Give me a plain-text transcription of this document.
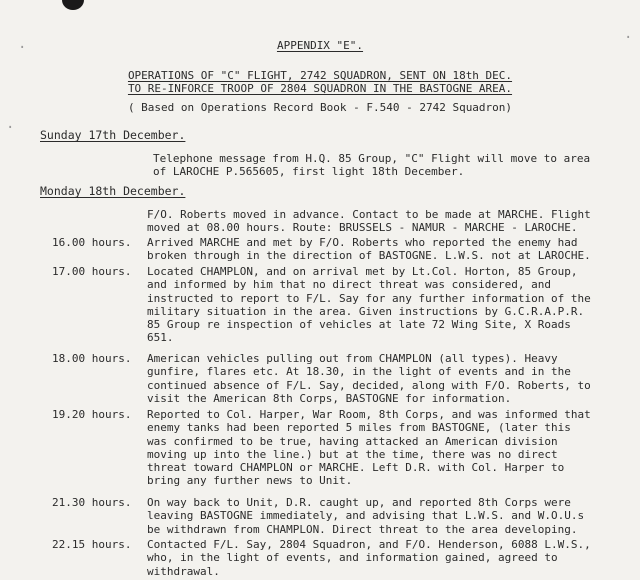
·
·
·
APPENDIX "E".
OPERATIONS OF "C" FLIGHT, 2742 SQUADRON, SENT ON 18th DEC.
TO RE-INFORCE TROOP OF 2804 SQUADRON IN THE BASTOGNE AREA.
( Based on Operations Record Book - F.540 - 2742 Squadron)
Sunday 17th December.
Telephone message from H.Q. 85 Group, "C" Flight will move to area
of LAROCHE P.565605, first light 18th December.
Monday 18th December.
F/O. Roberts moved in advance. Contact to be made at MARCHE. Flight
moved at 08.00 hours. Route: BRUSSELS - NAMUR - MARCHE - LAROCHE.
16.00 hours.	Arrived MARCHE and met by F/O. Roberts who reported the enemy had
broken through in the direction of BASTOGNE. L.W.S. not at LAROCHE.
17.00 hours.	Located CHAMPLON, and on arrival met by Lt.Col. Horton, 85 Group,
and informed by him that no direct threat was considered, and
instructed to report to F/L. Say for any further information of the
military situation in the area. Given instructions by G.C.R.A.P.R.
85 Group re inspection of vehicles at late 72 Wing Site, X Roads
651.
18.00 hours.	American vehicles pulling out from CHAMPLON (all types). Heavy
gunfire, flares etc. At 18.30, in the light of events and in the
continued absence of F/L. Say, decided, along with F/O. Roberts, to
visit the American 8th Corps, BASTOGNE for information.
19.20 hours.	Reported to Col. Harper, War Room, 8th Corps, and was informed that
enemy tanks had been reported 5 miles from BASTOGNE, (later this
was confirmed to be true, having attacked an American division
moving up into the line.) but at the time, there was no direct
threat toward CHAMPLON or MARCHE. Left D.R. with Col. Harper to
bring any further news to Unit.
21.30 hours.	On way back to Unit, D.R. caught up, and reported 8th Corps were
leaving BASTOGNE immediately, and advising that L.W.S. and W.O.U.s
be withdrawn from CHAMPLON. Direct threat to the area developing.
22.15 hours.	Contacted F/L. Say, 2804 Squadron, and F/O. Henderson, 6088 L.W.S.,
who, in the light of events, and information gained, agreed to
withdrawal.
